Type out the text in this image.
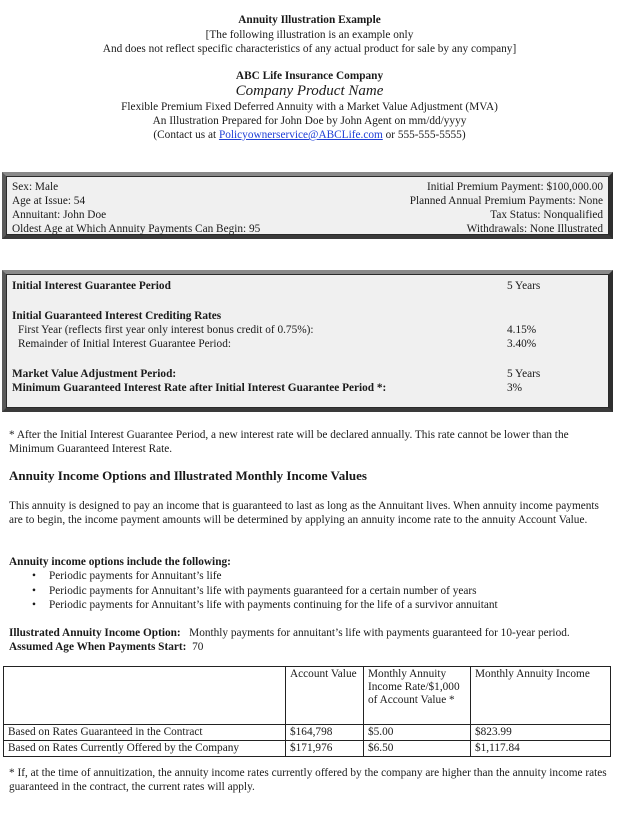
Annuity Illustration Example
[The following illustration is an example only
And does not reflect specific characteristics of any actual product for sale by any company]
ABC Life Insurance Company
Company Product Name
Flexible Premium Fixed Deferred Annuity with a Market Value Adjustment (MVA)
An Illustration Prepared for John Doe by John Agent on mm/dd/yyyy
(Contact us at Policyownerservice@ABCLife.com or 555-555-5555)
Sex: Male	Initial Premium Payment: $100,000.00
Age at Issue: 54	Planned Annual Premium Payments: None
Annuitant: John Doe	Tax Status: Nonqualified
Oldest Age at Which Annuity Payments Can Begin: 95	Withdrawals: None Illustrated
Initial Interest Guarantee Period	5 Years
Initial Guaranteed Interest Crediting Rates
First Year (reflects first year only interest bonus credit of 0.75%):	4.15%
Remainder of Initial Interest Guarantee Period:	3.40%
Market Value Adjustment Period:	5 Years
Minimum Guaranteed Interest Rate after Initial Interest Guarantee Period *:	3%
* After the Initial Interest Guarantee Period, a new interest rate will be declared annually. This rate cannot be lower than the Minimum Guaranteed Interest Rate.
Annuity Income Options and Illustrated Monthly Income Values
This annuity is designed to pay an income that is guaranteed to last as long as the Annuitant lives. When annuity income payments are to begin, the income payment amounts will be determined by applying an annuity income rate to the annuity Account Value.
Annuity income options include the following:
• Periodic payments for Annuitant’s life
• Periodic payments for Annuitant’s life with payments guaranteed for a certain number of years
• Periodic payments for Annuitant’s life with payments continuing for the life of a survivor annuitant
Illustrated Annuity Income Option: Monthly payments for annuitant’s life with payments guaranteed for 10-year period.
Assumed Age When Payments Start: 70
	Account Value	Monthly Annuity Income Rate/$1,000 of Account Value *	Monthly Annuity Income
Based on Rates Guaranteed in the Contract	$164,798	$5.00	$823.99
Based on Rates Currently Offered by the Company	$171,976	$6.50	$1,117.84
* If, at the time of annuitization, the annuity income rates currently offered by the company are higher than the annuity income rates guaranteed in the contract, the current rates will apply.
